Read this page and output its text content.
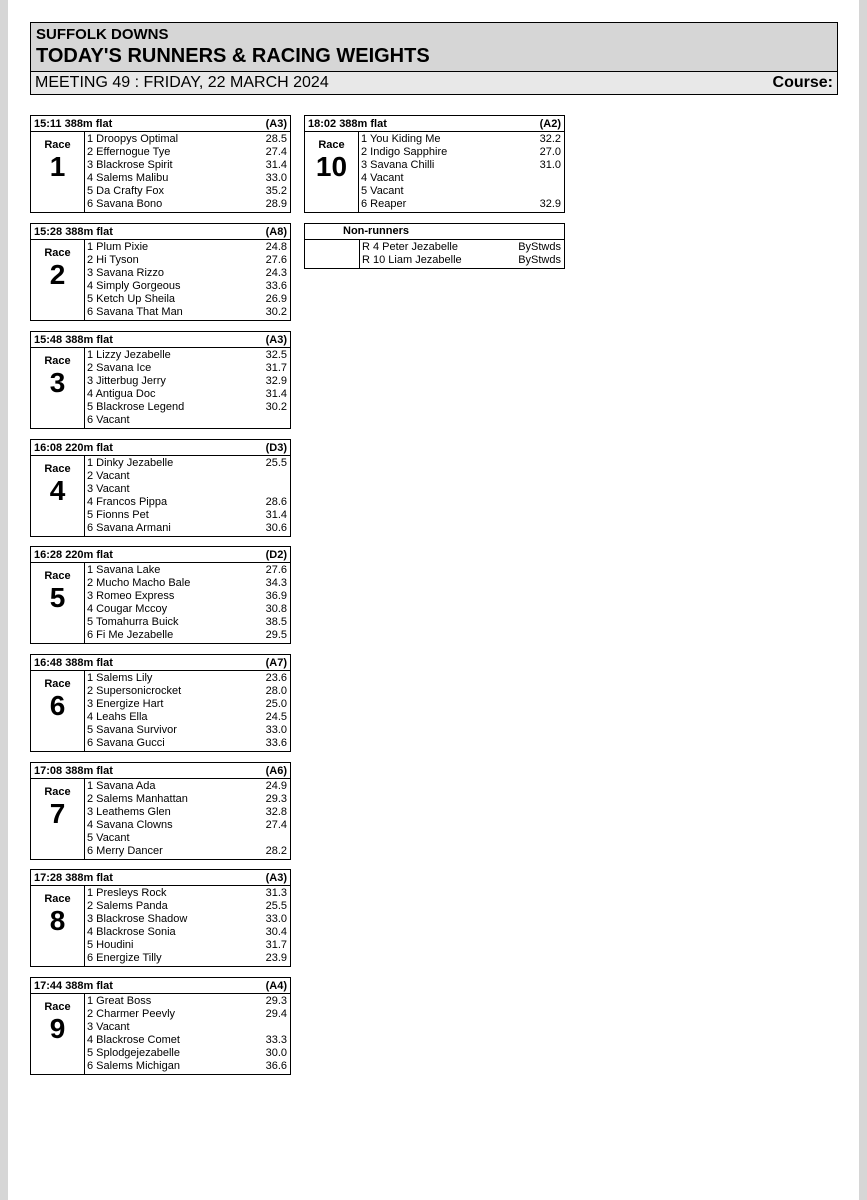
SUFFOLK DOWNS
TODAY'S RUNNERS & RACING WEIGHTS
MEETING 49 : FRIDAY, 22 MARCH 2024	Course:
15:11 388m flat	(A3)
Race
1
1 Droopys Optimal	28.5
2 Effernogue Tye	27.4
3 Blackrose Spirit	31.4
4 Salems Malibu	33.0
5 Da Crafty Fox	35.2
6 Savana Bono	28.9
15:28 388m flat	(A8)
Race
2
1 Plum Pixie	24.8
2 Hi Tyson	27.6
3 Savana Rizzo	24.3
4 Simply Gorgeous	33.6
5 Ketch Up Sheila	26.9
6 Savana That Man	30.2
15:48 388m flat	(A3)
Race
3
1 Lizzy Jezabelle	32.5
2 Savana Ice	31.7
3 Jitterbug Jerry	32.9
4 Antigua Doc	31.4
5 Blackrose Legend	30.2
6 Vacant
16:08 220m flat	(D3)
Race
4
1 Dinky Jezabelle	25.5
2 Vacant
3 Vacant
4 Francos Pippa	28.6
5 Fionns Pet	31.4
6 Savana Armani	30.6
16:28 220m flat	(D2)
Race
5
1 Savana Lake	27.6
2 Mucho Macho Bale	34.3
3 Romeo Express	36.9
4 Cougar Mccoy	30.8
5 Tomahurra Buick	38.5
6 Fi Me Jezabelle	29.5
16:48 388m flat	(A7)
Race
6
1 Salems Lily	23.6
2 Supersonicrocket	28.0
3 Energize Hart	25.0
4 Leahs Ella	24.5
5 Savana Survivor	33.0
6 Savana Gucci	33.6
17:08 388m flat	(A6)
Race
7
1 Savana Ada	24.9
2 Salems Manhattan	29.3
3 Leathems Glen	32.8
4 Savana Clowns	27.4
5 Vacant
6 Merry Dancer	28.2
17:28 388m flat	(A3)
Race
8
1 Presleys Rock	31.3
2 Salems Panda	25.5
3 Blackrose Shadow	33.0
4 Blackrose Sonia	30.4
5 Houdini	31.7
6 Energize Tilly	23.9
17:44 388m flat	(A4)
Race
9
1 Great Boss	29.3
2 Charmer Peevly	29.4
3 Vacant
4 Blackrose Comet	33.3
5 Splodgejezabelle	30.0
6 Salems Michigan	36.6
18:02 388m flat	(A2)
Race
10
1 You Kiding Me	32.2
2 Indigo Sapphire	27.0
3 Savana Chilli	31.0
4 Vacant
5 Vacant
6 Reaper	32.9
Non-runners
R 4 Peter Jezabelle	ByStwds
R 10 Liam Jezabelle	ByStwds
